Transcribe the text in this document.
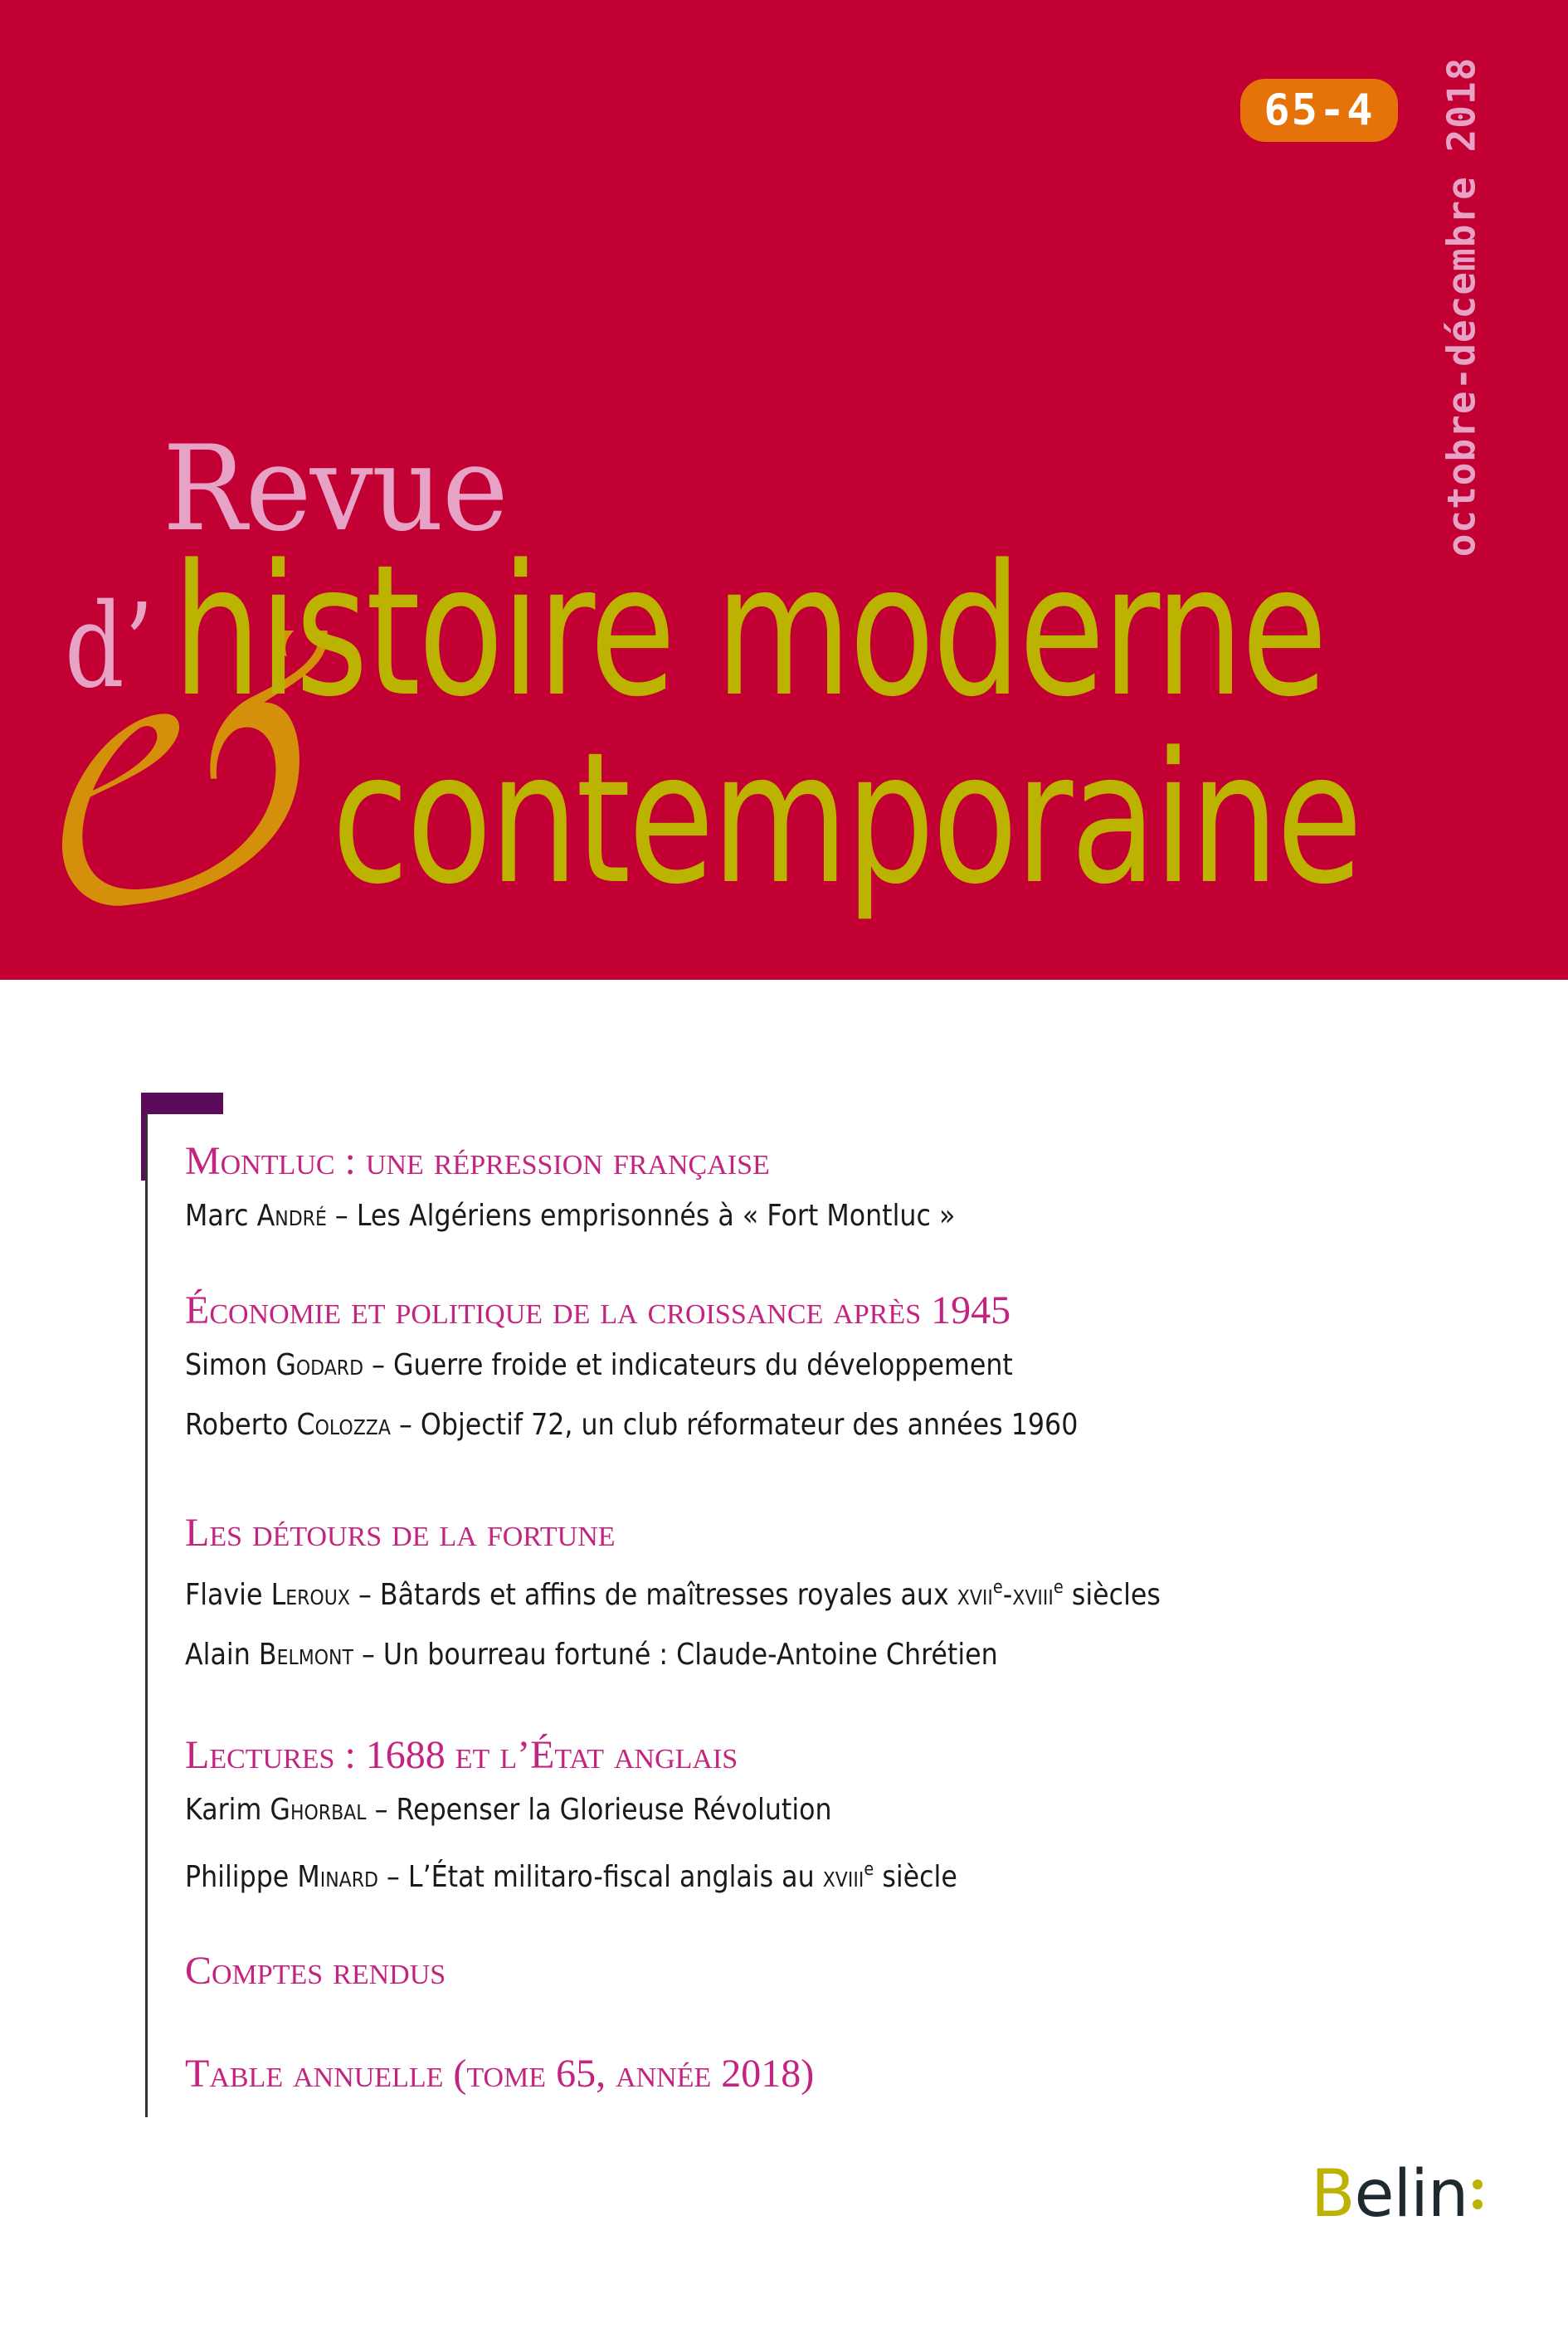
65-4	octobre-décembre 2018
Revue
d’ histoire moderne
contemporaine
Montluc : une répression française
Marc André – Les Algériens emprisonnés à « Fort Montluc »
Économie et politique de la croissance après 1945
Simon Godard – Guerre froide et indicateurs du développement
Roberto Colozza – Objectif 72, un club réformateur des années 1960
Les détours de la fortune
Flavie Leroux – Bâtards et affins de maîtresses royales aux xvii$^e$-xviii$^e$ siècles
Alain Belmont – Un bourreau fortuné : Claude-Antoine Chrétien
Lectures : 1688 et l’État anglais
Karim Ghorbal – Repenser la Glorieuse Révolution
Philippe Minard – L’État militaro-fiscal anglais au xviii$^e$ siècle
Comptes rendus
Table annuelle (tome 65, année 2018)
Belin
